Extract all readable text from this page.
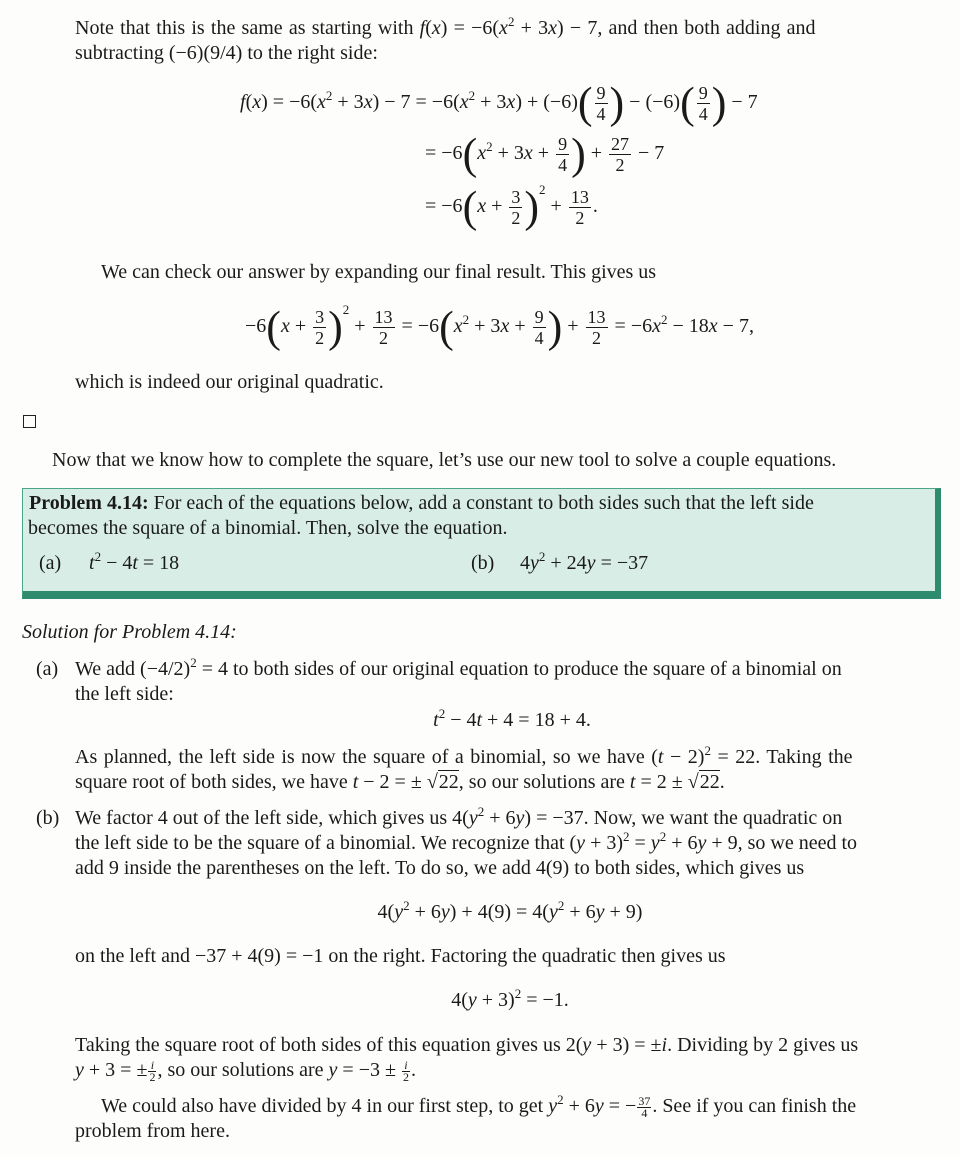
Note that this is the same as starting with $f(x) = -6(x^2 + 3x) - 7$, and then both adding and
subtracting (−6)(9/4) to the right side:
$f(x) = -6(x^2 + 3x) - 7 = -6(x^2 + 3x) + (-6)( \frac{9}{4}$ ) − $(-6)( \frac{9}{4}$ ) − 7
= $-6(x^2 + 3x + \frac{9}{4}$ ) + $\frac{27}{2} - 7$
= $-6(x + \frac{3}{2} )^2 + \frac{13}{2}$ .
We can check our answer by expanding our final result. This gives us
$-6(x + \frac{3}{2} )^2 + \frac{13}{2} = -6(x^2 + 3x + \frac{9}{4}$ ) + $\frac{13}{2} = -6x^2 - 18x - 7$,
which is indeed our original quadratic.
Now that we know how to complete the square, let’s use our new tool to solve a couple equations.
Problem 4.14: For each of the equations below, add a constant to both sides such that the left side
becomes the square of a binomial. Then, solve the equation.
(a) $t^2 - 4t = 18$	(b) $4y^2 + 24y = -37$
Solution for Problem 4.14:
(a) We add $(-4/2)^2 = 4$ to both sides of our original equation to produce the square of a binomial on
the left side:
$t^2 - 4t + 4 = 18 + 4$.
As planned, the left side is now the square of a binomial, so we have $(t - 2)^2 = 22$. Taking the
square root of both sides, we have t − 2 = ± √22, so our solutions are t = 2 ± √22.
(b) We factor 4 out of the left side, which gives us $4(y^2 + 6y) = -37$. Now, we want the quadratic on
the left side to be the square of a binomial. We recognize that $(y + 3)^2 = y^2 + 6y + 9$, so we need to
add 9 inside the parentheses on the left. To do so, we add 4(9) to both sides, which gives us
$4(y^2 + 6y) + 4(9) = 4(y^2 + 6y + 9)$
on the left and −37 + 4(9) = −1 on the right. Factoring the quadratic then gives us
$4(y + 3)^2 = -1$.
Taking the square root of both sides of this equation gives us 2(y + 3) = ±i. Dividing by 2 gives us
y + 3 = ± $\frac{i}{2}$ , so our solutions are $y = -3 \pm \frac{i}{2}$ .
We could also have divided by 4 in our first step, to get $y^2 + 6y$ = − $\frac{37}{4}$ . See if you can finish the
problem from here.
